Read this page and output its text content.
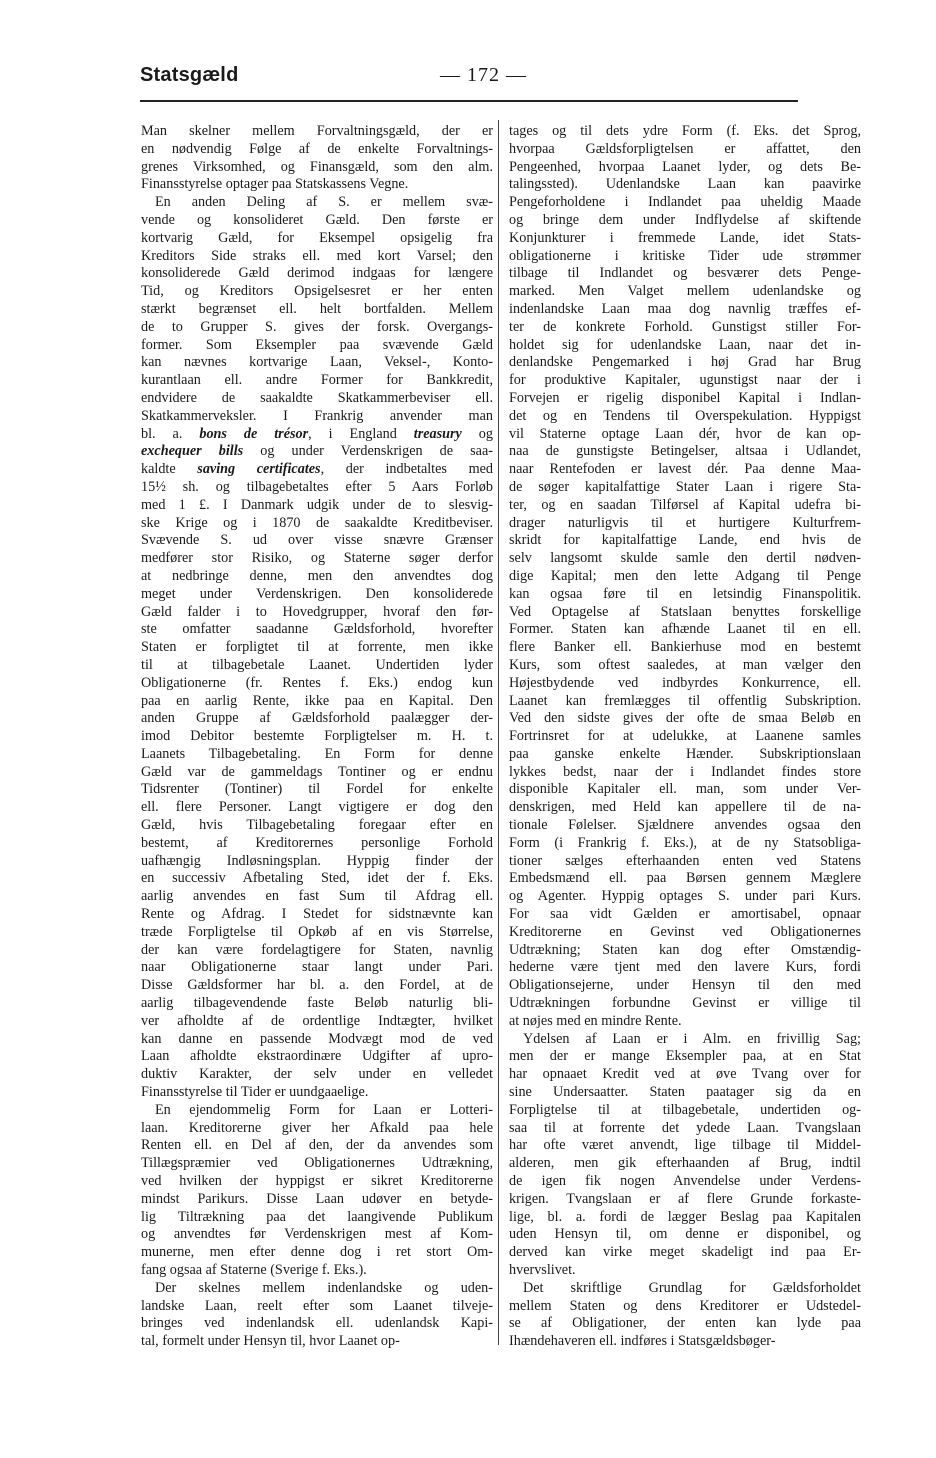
Statsgæld	— 172 —

Man skelner mellem Forvaltningsgæld, der er
en nødvendig Følge af de enkelte Forvaltnings-
grenes Virksomhed, og Finansgæld, som den alm.
Finansstyrelse optager paa Statskassens Vegne.

En anden Deling af S. er mellem svæ-
vende og konsolideret Gæld. Den første er
kortvarig Gæld, for Eksempel opsigelig fra
Kreditors Side straks ell. med kort Varsel; den
konsoliderede Gæld derimod indgaas for længere
Tid, og Kreditors Opsigelsesret er her enten
stærkt begrænset ell. helt bortfalden. Mellem
de to Grupper S. gives der forsk. Overgangs-
former. Som Eksempler paa svævende Gæld
kan nævnes kortvarige Laan, Veksel-, Konto-
kurantlaan ell. andre Former for Bankkredit,
endvidere de saakaldte Skatkammerbeviser ell.
Skatkammerveksler. I Frankrig anvender man
bl. a. bons de trésor, i England treasury og
exchequer bills og under Verdenskrigen de saa-
kaldte saving certificates, der indbetaltes med
15½ sh. og tilbagebetaltes efter 5 Aars Forløb
med 1 £. I Danmark udgik under de to slesvig-
ske Krige og i 1870 de saakaldte Kreditbeviser.
Svævende S. ud over visse snævre Grænser
medfører stor Risiko, og Staterne søger derfor
at nedbringe denne, men den anvendtes dog
meget under Verdenskrigen. Den konsoliderede
Gæld falder i to Hovedgrupper, hvoraf den før-
ste omfatter saadanne Gældsforhold, hvorefter
Staten er forpligtet til at forrente, men ikke
til at tilbagebetale Laanet. Undertiden lyder
Obligationerne (fr. Rentes f. Eks.) endog kun
paa en aarlig Rente, ikke paa en Kapital. Den
anden Gruppe af Gældsforhold paalægger der-
imod Debitor bestemte Forpligtelser m. H. t.
Laanets Tilbagebetaling. En Form for denne
Gæld var de gammeldags Tontiner og er endnu
Tidsrenter (Tontiner) til Fordel for enkelte
ell. flere Personer. Langt vigtigere er dog den
Gæld, hvis Tilbagebetaling foregaar efter en
bestemt, af Kreditorernes personlige Forhold
uafhængig Indløsningsplan. Hyppig finder der
en successiv Afbetaling Sted, idet der f. Eks.
aarlig anvendes en fast Sum til Afdrag ell.
Rente og Afdrag. I Stedet for sidstnævnte kan
træde Forpligtelse til Opkøb af en vis Størrelse,
der kan være fordelagtigere for Staten, navnlig
naar Obligationerne staar langt under Pari.
Disse Gældsformer har bl. a. den Fordel, at de
aarlig tilbagevendende faste Beløb naturlig bli-
ver afholdte af de ordentlige Indtægter, hvilket
kan danne en passende Modvægt mod de ved
Laan afholdte ekstraordinære Udgifter af upro-
duktiv Karakter, der selv under en velledet
Finansstyrelse til Tider er uundgaaelige.

En ejendommelig Form for Laan er Lotteri-
laan. Kreditorerne giver her Afkald paa hele
Renten ell. en Del af den, der da anvendes som
Tillægspræmier ved Obligationernes Udtrækning,
ved hvilken der hyppigst er sikret Kreditorerne
mindst Parikurs. Disse Laan udøver en betyde-
lig Tiltrækning paa det laangivende Publikum
og anvendtes før Verdenskrigen mest af Kom-
munerne, men efter denne dog i ret stort Om-
fang ogsaa af Staterne (Sverige f. Eks.).

Der skelnes mellem indenlandske og uden-
landske Laan, reelt efter som Laanet tilveje-
bringes ved indenlandsk ell. udenlandsk Kapi-
tal, formelt under Hensyn til, hvor Laanet op-

tages og til dets ydre Form (f. Eks. det Sprog,
hvorpaa Gældsforpligtelsen er affattet, den
Pengeenhed, hvorpaa Laanet lyder, og dets Be-
talingssted). Udenlandske Laan kan paavirke
Pengeforholdene i Indlandet paa uheldig Maade
og bringe dem under Indflydelse af skiftende
Konjunkturer i fremmede Lande, idet Stats-
obligationerne i kritiske Tider ude strømmer
tilbage til Indlandet og besværer dets Penge-
marked. Men Valget mellem udenlandske og
indenlandske Laan maa dog navnlig træffes ef-
ter de konkrete Forhold. Gunstigst stiller For-
holdet sig for udenlandske Laan, naar det in-
denlandske Pengemarked i høj Grad har Brug
for produktive Kapitaler, ugunstigst naar der i
Forvejen er rigelig disponibel Kapital i Indlan-
det og en Tendens til Overspekulation. Hyppigst
vil Staterne optage Laan dér, hvor de kan op-
naa de gunstigste Betingelser, altsaa i Udlandet,
naar Rentefoden er lavest dér. Paa denne Maa-
de søger kapitalfattige Stater Laan i rigere Sta-
ter, og en saadan Tilførsel af Kapital udefra bi-
drager naturligvis til et hurtigere Kulturfrem-
skridt for kapitalfattige Lande, end hvis de
selv langsomt skulde samle den dertil nødven-
dige Kapital; men den lette Adgang til Penge
kan ogsaa føre til en letsindig Finanspolitik.
Ved Optagelse af Statslaan benyttes forskellige
Former. Staten kan afhænde Laanet til en ell.
flere Banker ell. Bankierhuse mod en bestemt
Kurs, som oftest saaledes, at man vælger den
Højestbydende ved indbyrdes Konkurrence, ell.
Laanet kan fremlægges til offentlig Subskription.
Ved den sidste gives der ofte de smaa Beløb en
Fortrinsret for at udelukke, at Laanene samles
paa ganske enkelte Hænder. Subskriptionslaan
lykkes bedst, naar der i Indlandet findes store
disponible Kapitaler ell. man, som under Ver-
denskrigen, med Held kan appellere til de na-
tionale Følelser. Sjældnere anvendes ogsaa den
Form (i Frankrig f. Eks.), at de ny Statsobliga-
tioner sælges efterhaanden enten ved Statens
Embedsmænd ell. paa Børsen gennem Mæglere
og Agenter. Hyppig optages S. under pari Kurs.
For saa vidt Gælden er amortisabel, opnaar
Kreditorerne en Gevinst ved Obligationernes
Udtrækning; Staten kan dog efter Omstændig-
hederne være tjent med den lavere Kurs, fordi
Obligationsejerne, under Hensyn til den med
Udtrækningen forbundne Gevinst er villige til
at nøjes med en mindre Rente.

Ydelsen af Laan er i Alm. en frivillig Sag;
men der er mange Eksempler paa, at en Stat
har opnaaet Kredit ved at øve Tvang over for
sine Undersaatter. Staten paatager sig da en
Forpligtelse til at tilbagebetale, undertiden og-
saa til at forrente det ydede Laan. Tvangslaan
har ofte været anvendt, lige tilbage til Middel-
alderen, men gik efterhaanden af Brug, indtil
de igen fik nogen Anvendelse under Verdens-
krigen. Tvangslaan er af flere Grunde forkaste-
lige, bl. a. fordi de lægger Beslag paa Kapitalen
uden Hensyn til, om denne er disponibel, og
derved kan virke meget skadeligt ind paa Er-
hvervslivet.

Det skriftlige Grundlag for Gældsforholdet
mellem Staten og dens Kreditorer er Udstedel-
se af Obligationer, der enten kan lyde paa
Ihændehaveren ell. indføres i Statsgældsbøger-
